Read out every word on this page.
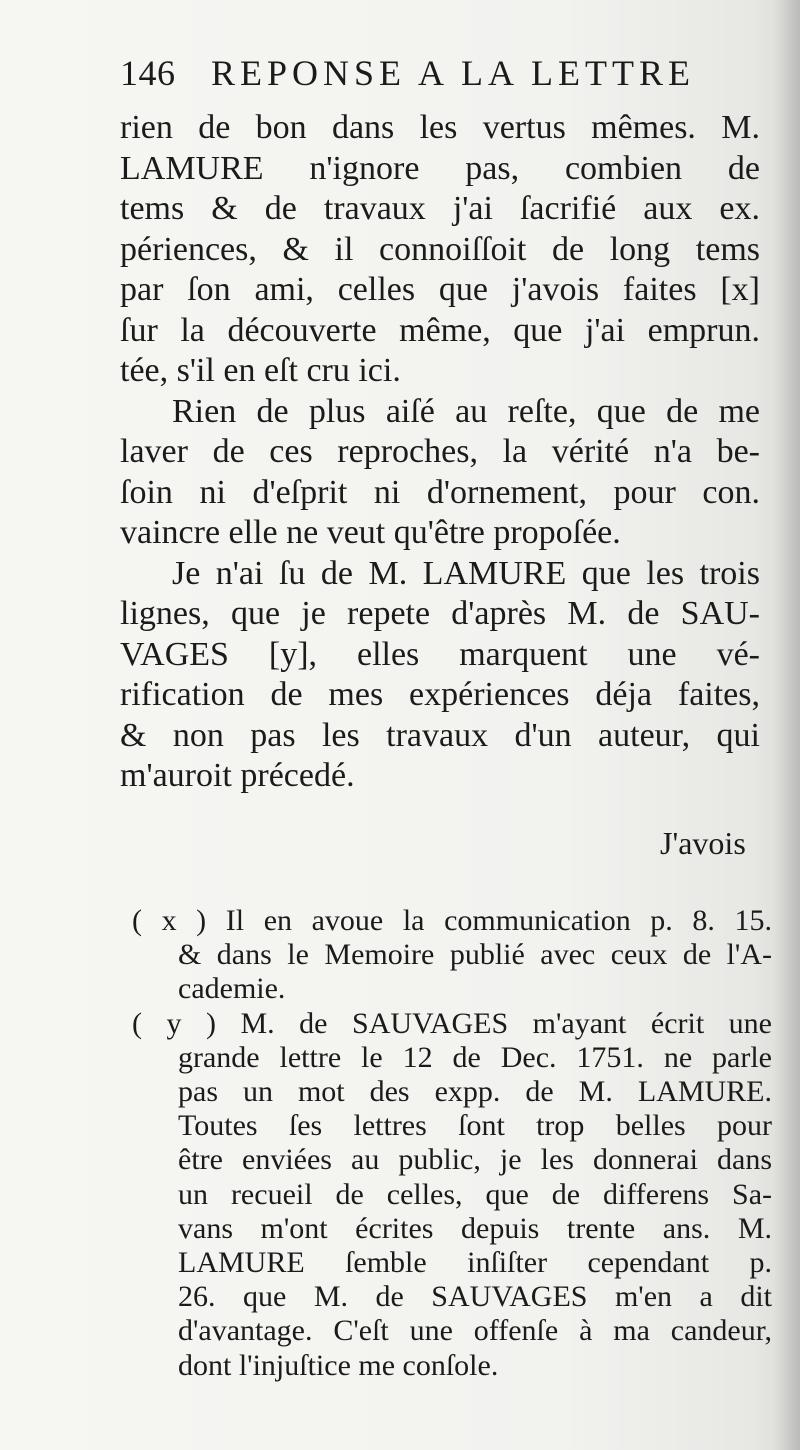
146 REPONSE A LA LETTRE
rien de bon dans les vertus mêmes. M.
LAMURE n'ignore pas, combien de
tems & de travaux j'ai ſacrifié aux ex.
périences, & il connoiſſoit de long tems
par ſon ami, celles que j'avois faites [x]
ſur la découverte même, que j'ai emprun.
tée, s'il en eſt cru ici.
Rien de plus aiſé au reſte, que de me
laver de ces reproches, la vérité n'a be-
ſoin ni d'eſprit ni d'ornement, pour con.
vaincre elle ne veut qu'être propoſée.
Je n'ai ſu de M. LAMURE que les trois
lignes, que je repete d'après M. de SAU-
VAGES [y], elles marquent une vé-
rification de mes expériences déja faites,
& non pas les travaux d'un auteur, qui
m'auroit précedé.
J'avois
( x ) Il en avoue la communication p. 8. 15.
& dans le Memoire publié avec ceux de l'A-
cademie.
( y ) M. de SAUVAGES m'ayant écrit une
grande lettre le 12 de Dec. 1751. ne parle
pas un mot des expp. de M. LAMURE.
Toutes ſes lettres ſont trop belles pour
être enviées au public, je les donnerai dans
un recueil de celles, que de differens Sa-
vans m'ont écrites depuis trente ans. M.
LAMURE ſemble inſiſter cependant p.
26. que M. de SAUVAGES m'en a dit
d'avantage. C'eſt une offenſe à ma candeur,
dont l'injuſtice me conſole.
